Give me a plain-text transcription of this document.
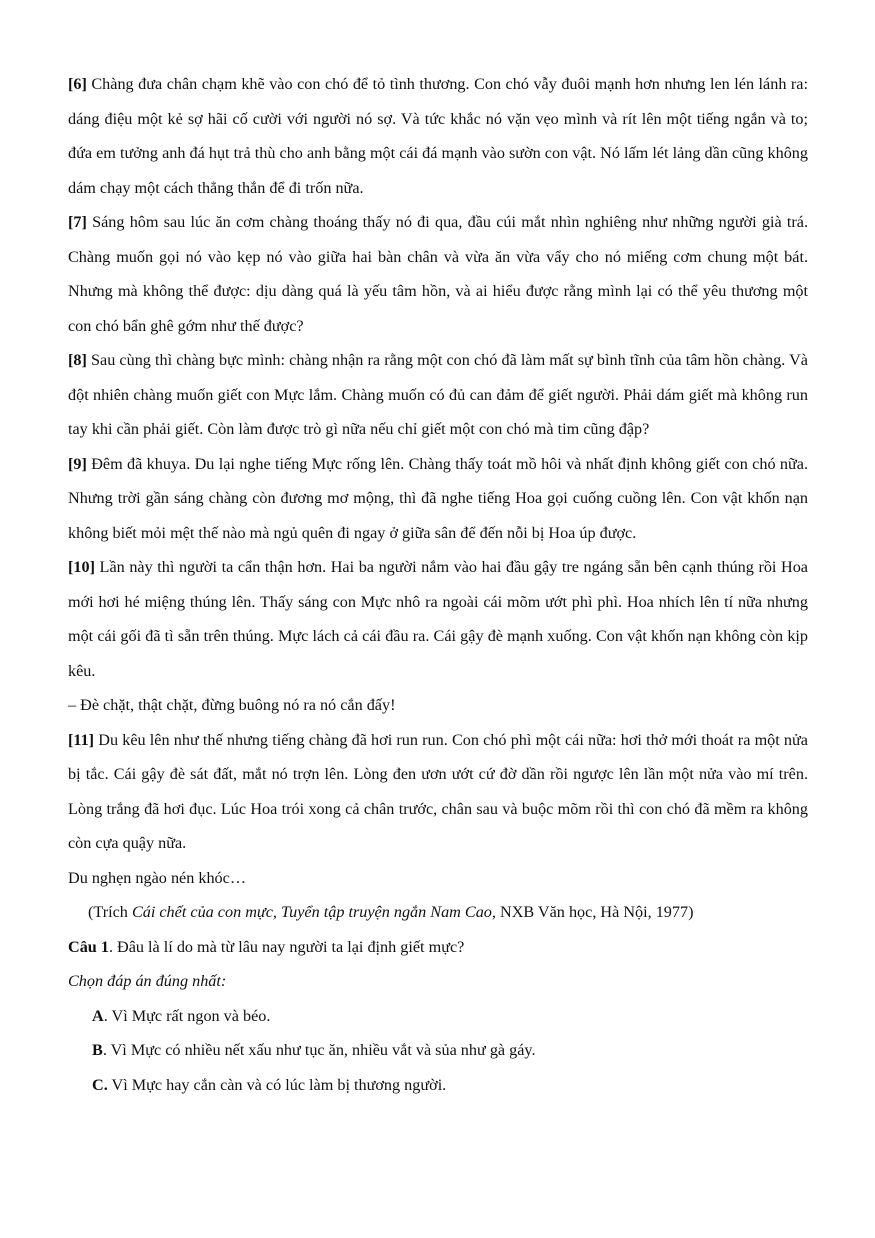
[6] Chàng đưa chân chạm khẽ vào con chó để tỏ tình thương. Con chó vẫy đuôi mạnh hơn nhưng len lén lánh ra: dáng điệu một kẻ sợ hãi cố cười với người nó sợ. Và tức khắc nó vặn vẹo mình và rít lên một tiếng ngắn và to; đứa em tưởng anh đá hụt trả thù cho anh bằng một cái đá mạnh vào sườn con vật. Nó lấm lét lảng dần cũng không dám chạy một cách thẳng thắn để đi trốn nữa.

[7] Sáng hôm sau lúc ăn cơm chàng thoáng thấy nó đi qua, đầu cúi mắt nhìn nghiêng như những người già trá. Chàng muốn gọi nó vào kẹp nó vào giữa hai bàn chân và vừa ăn vừa vẩy cho nó miếng cơm chung một bát. Nhưng mà không thể được: dịu dàng quá là yếu tâm hồn, và ai hiểu được rằng mình lại có thể yêu thương một con chó bẩn ghê gớm như thế được?

[8] Sau cùng thì chàng bực mình: chàng nhận ra rằng một con chó đã làm mất sự bình tĩnh của tâm hồn chàng. Và đột nhiên chàng muốn giết con Mực lắm. Chàng muốn có đủ can đảm để giết người. Phải dám giết mà không run tay khi cần phải giết. Còn làm được trò gì nữa nếu chỉ giết một con chó mà tim cũng đập?

[9] Đêm đã khuya. Du lại nghe tiếng Mực rống lên. Chàng thấy toát mồ hôi và nhất định không giết con chó nữa. Nhưng trời gần sáng chàng còn đương mơ mộng, thì đã nghe tiếng Hoa gọi cuống cuồng lên. Con vật khốn nạn không biết mỏi mệt thế nào mà ngủ quên đi ngay ở giữa sân để đến nỗi bị Hoa úp được.

[10] Lần này thì người ta cẩn thận hơn. Hai ba người nắm vào hai đầu gậy tre ngáng sẵn bên cạnh thúng rồi Hoa mới hơi hé miệng thúng lên. Thấy sáng con Mực nhô ra ngoài cái mõm ướt phì phì. Hoa nhích lên tí nữa nhưng một cái gối đã tì sẵn trên thúng. Mực lách cả cái đầu ra. Cái gậy đè mạnh xuống. Con vật khốn nạn không còn kịp kêu.

– Đè chặt, thật chặt, đừng buông nó ra nó cắn đấy!

[11] Du kêu lên như thế nhưng tiếng chàng đã hơi run run. Con chó phì một cái nữa: hơi thở mới thoát ra một nửa bị tắc. Cái gậy đè sát đất, mắt nó trợn lên. Lòng đen ươn ướt cứ đờ dần rồi ngược lên lần một nửa vào mí trên. Lòng trắng đã hơi đục. Lúc Hoa trói xong cả chân trước, chân sau và buộc mõm rồi thì con chó đã mềm ra không còn cựa quậy nữa.

Du nghẹn ngào nén khóc…

(Trích Cái chết của con mực, Tuyển tập truyện ngắn Nam Cao, NXB Văn học, Hà Nội, 1977)

Câu 1. Đâu là lí do mà từ lâu nay người ta lại định giết mực?

Chọn đáp án đúng nhất:

A. Vì Mực rất ngon và béo.

B. Vì Mực có nhiều nết xấu như tục ăn, nhiều vắt và sủa như gà gáy.

C. Vì Mực hay cắn càn và có lúc làm bị thương người.
